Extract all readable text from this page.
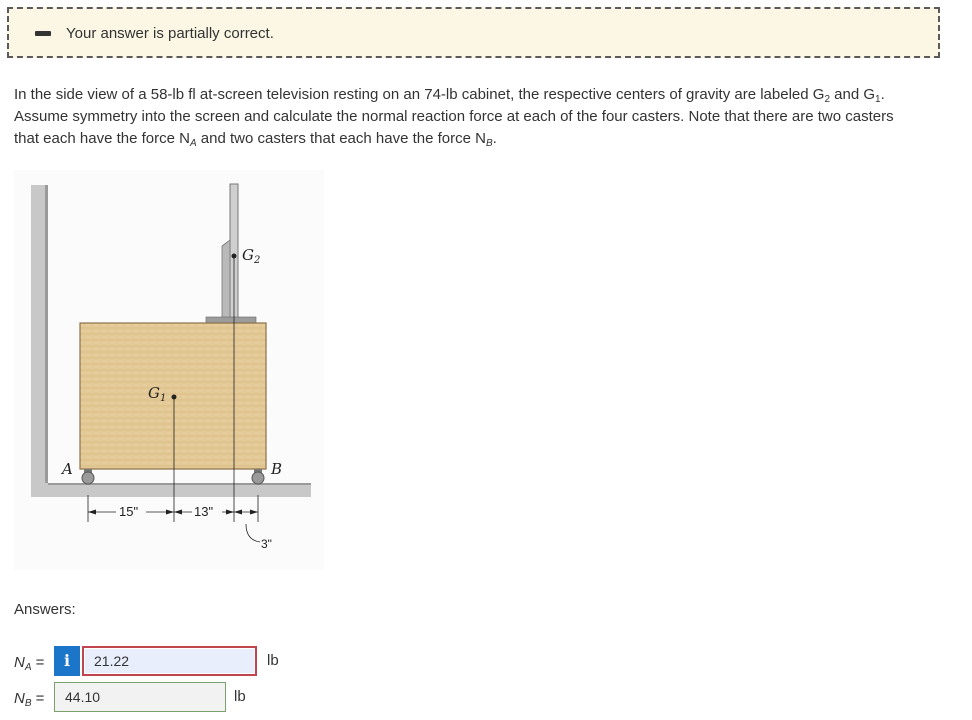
Your answer is partially correct.
In the side view of a 58-lb fl at-screen television resting on an 74-lb cabinet, the respective centers of gravity are labeled $G_2$ and $G_1$.
Assume symmetry into the screen and calculate the normal reaction force at each of the four casters. Note that there are two casters
that each have the force $N_A$ and two casters that each have the force $N_B$.
$G_2$
$G_1$
A	B
15"	13"
3"
Answers:
$N_A$ =	i	21.22	lb
$N_B$ =	44.10	lb
